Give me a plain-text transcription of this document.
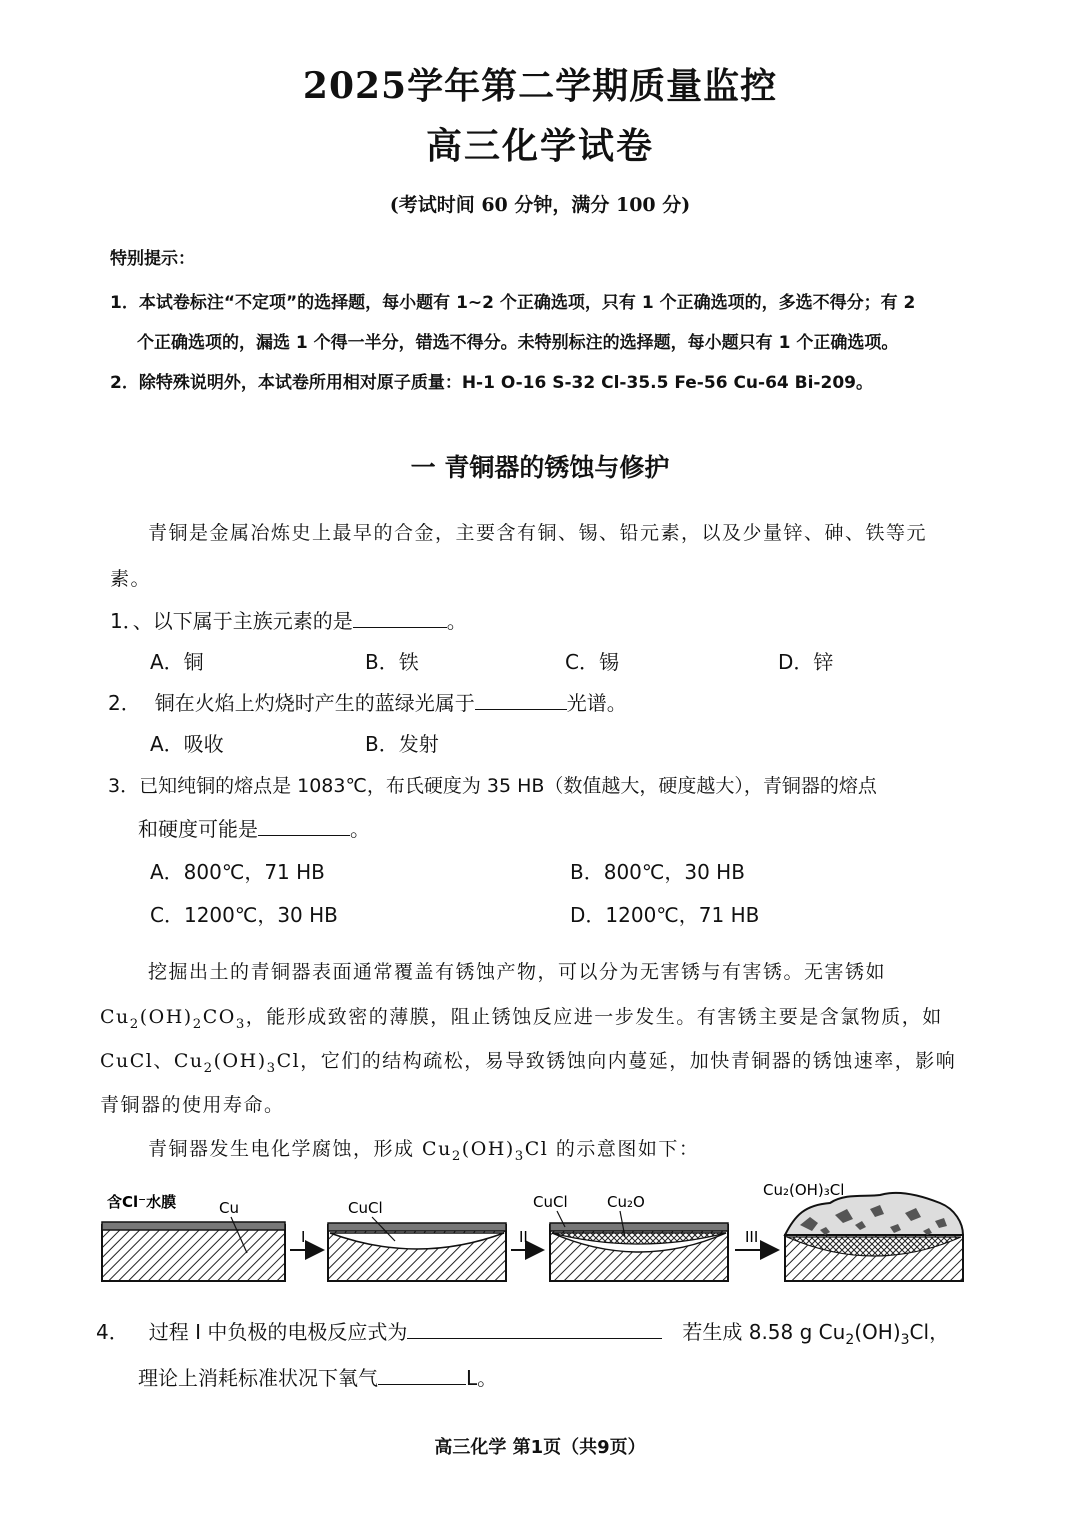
2025学年第二学期质量监控
高三化学试卷
(考试时间 60 分钟，满分 100 分)
特别提示：
1．本试卷标注“不定项”的选择题，每小题有 1~2 个正确选项，只有 1 个正确选项的，多选不得分；有 2
个正确选项的，漏选 1 个得一半分，错选不得分。未特别标注的选择题，每小题只有 1 个正确选项。
2．除特殊说明外，本试卷所用相对原子质量：H-1 O-16 S-32 Cl-35.5 Fe-56 Cu-64 Bi-209。
一 青铜器的锈蚀与修护
青铜是金属冶炼史上最早的合金，主要含有铜、锡、铅元素，以及少量锌、砷、铁等元
素。
1．、以下属于主族元素的是	。
A．铜	B．铁	C．锡	D．锌
2． 铜在火焰上灼烧时产生的蓝绿光属于	光谱。
A．吸收	B．发射
3．已知纯铜的熔点是 1083℃，布氏硬度为 35 HB（数值越大，硬度越大），青铜器的熔点
和硬度可能是	。
A．800℃，71 HB	B．800℃，30 HB
C．1200℃，30 HB	D．1200℃，71 HB
挖掘出土的青铜器表面通常覆盖有锈蚀产物，可以分为无害锈与有害锈。无害锈如
$Cu_2(OH)_2CO_3$，能形成致密的薄膜，阻止锈蚀反应进一步发生。有害锈主要是含氯物质，如
CuCl、$Cu_2(OH)_3Cl$，它们的结构疏松，易导致锈蚀向内蔓延，加快青铜器的锈蚀速率，影响
青铜器的使用寿命。
青铜器发生电化学腐蚀，形成 $Cu_2(OH)_3Cl$ 的示意图如下：
含Cl⁻水膜	Cu
I
CuCl
II
CuCl	Cu₂O
III
Cu₂(OH)₃Cl
4． 过程 I 中负极的电极反应式为	若生成 8.58 g $Cu_2(OH)_3Cl$，
理论上消耗标准状况下氧气	L。
高三化学 第1页（共9页）
